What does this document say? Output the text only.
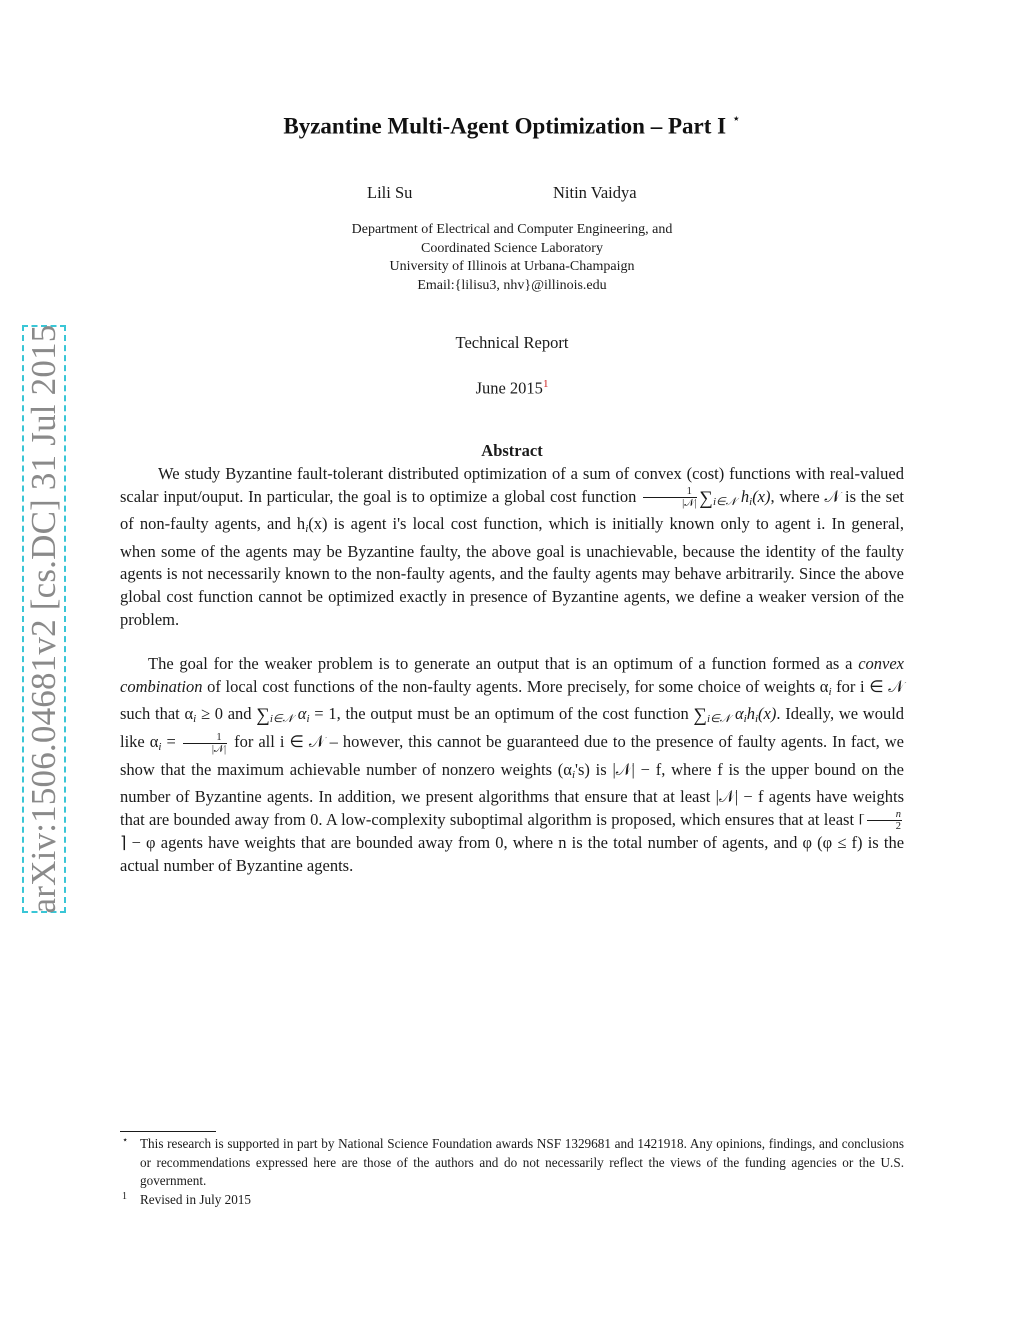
arXiv:1506.04681v2 [cs.DC] 31 Jul 2015
Byzantine Multi-Agent Optimization – Part I ⋆
Lili Su	Nitin Vaidya
Department of Electrical and Computer Engineering, and
Coordinated Science Laboratory
University of Illinois at Urbana-Champaign
Email:{lilisu3, nhv}@illinois.edu
Technical Report
June 2015$^1$
Abstract

We study Byzantine fault-tolerant distributed optimization of a sum of convex (cost) functions with real-valued scalar input/ouput. In particular, the goal is to optimize a global cost function $\frac{1}{\text{|𝒩|}} \sum_{i\in 𝒩}$ $h_i(x)$, where 𝒩 is the set of non-faulty agents, and $h_i(x)$ is agent i's local cost function, which is initially known only to agent i. In general, when some of the agents may be Byzantine faulty, the above goal is unachievable, because the identity of the faulty agents is not necessarily known to the non-faulty agents, and the faulty agents may behave arbitrarily. Since the above global cost function cannot be optimized exactly in presence of Byzantine agents, we define a weaker version of the problem.

The goal for the weaker problem is to generate an output that is an optimum of a function formed as a convex combination of local cost functions of the non-faulty agents. More precisely, for some choice of weights $\alpha_i$ for i ∈ 𝒩 such that $\alpha_i \ge 0$ and $\sum_{i\in 𝒩}$ $\alpha_i = 1$, the output must be an optimum of the cost function $\sum_{i\in 𝒩}$ $\alpha_ih_i(x)$. Ideally, we would like $\alpha_i = \frac{1}{\text{|𝒩|}}$ for all i ∈ 𝒩 – however, this cannot be guaranteed due to the presence of faulty agents. In fact, we show that the maximum achievable number of nonzero weights $(\alpha_i's)$ is |𝒩| − f, where f is the upper bound on the number of Byzantine agents. In addition, we present algorithms that ensure that at least |𝒩| − f agents have weights that are bounded away from 0. A low-complexity suboptimal algorithm is proposed, which ensures that at least ⌈ $\frac{n}{2}$
⌉ − φ agents have weights that are bounded away from 0, where n is the total number of agents, and φ (φ ≤ f) is the actual number of Byzantine agents.

⋆ This research is supported in part by National Science Foundation awards NSF 1329681 and 1421918. Any opinions, findings, and conclusions or recommendations expressed here are those of the authors and do not necessarily reflect the views of the funding agencies or the U.S. government.
1 Revised in July 2015
